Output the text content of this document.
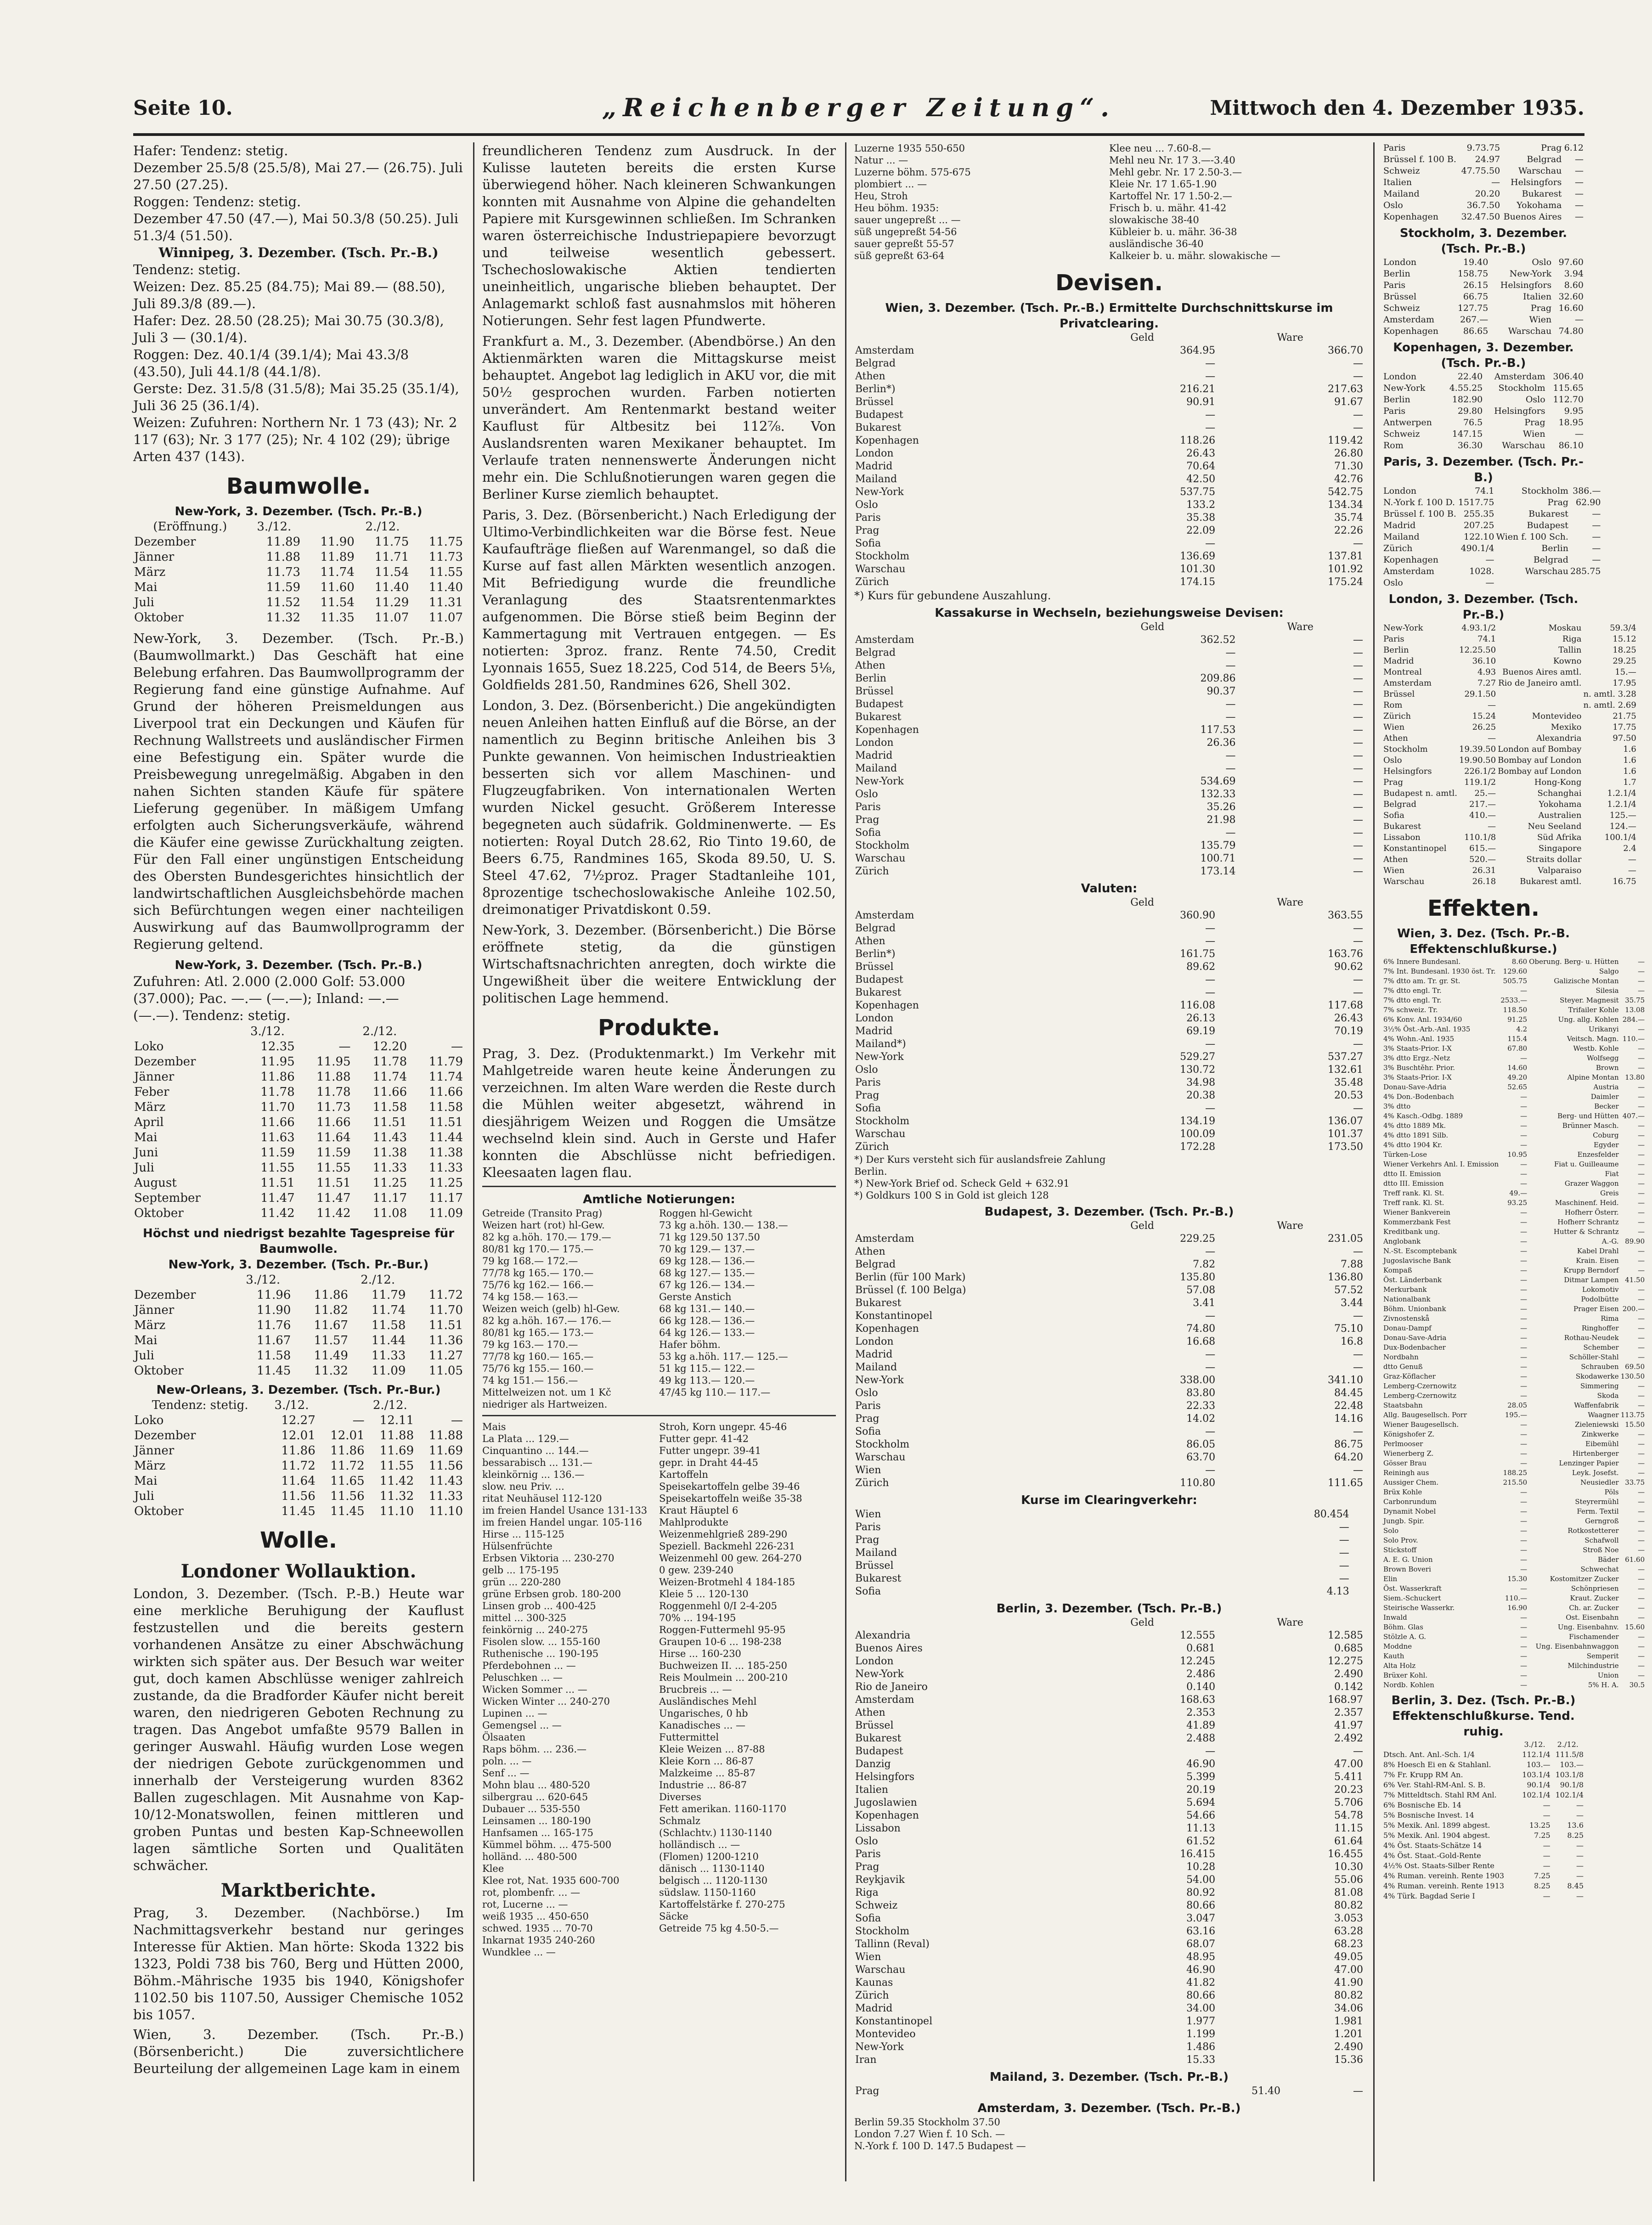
Seite 10.	„Reichenberger Zeitung“.	Mittwoch den 4. Dezember 1935.

Hafer: Tendenz: stetig.

Dezember 25.5/8 (25.5/8), Mai 27.— (26.75). Juli 27.50 (27.25).

Roggen: Tendenz: stetig.

Dezember 47.50 (47.—), Mai 50.3/8 (50.25). Juli 51.3/4 (51.50).

Winnipeg, 3. Dezember. (Tsch. Pr.-B.)

Tendenz: stetig.

Weizen: Dez. 85.25 (84.75); Mai 89.— (88.50), Juli 89.3/8 (89.—).

Hafer: Dez. 28.50 (28.25); Mai 30.75 (30.3/8), Juli 3 — (30.1/4).

Roggen: Dez. 40.1/4 (39.1/4); Mai 43.3/8 (43.50), Juli 44.1/8 (44.1/8).

Gerste: Dez. 31.5/8 (31.5/8); Mai 35.25 (35.1/4), Juli 36 25 (36.1/4).

Weizen: Zufuhren: Northern Nr. 1 73 (43); Nr. 2 117 (63); Nr. 3 177 (25); Nr. 4 102 (29); übrige Arten 437 (143).

Baumwolle.

New-York, 3. Dezember. (Tsch. Pr.-B.)

(Eröffnung.)	3./12.		2./12.	
Dezember	11.89	11.90	11.75	11.75
Jänner	11.88	11.89	11.71	11.73
März	11.73	11.74	11.54	11.55
Mai	11.59	11.60	11.40	11.40
Juli	11.52	11.54	11.29	11.31
Oktober	11.32	11.35	11.07	11.07

New-York, 3. Dezember. (Tsch. Pr.-B.) (Baumwollmarkt.) Das Geschäft hat eine Belebung erfahren. Das Baumwollprogramm der Regierung fand eine günstige Aufnahme. Auf Grund der höheren Preismeldungen aus Liverpool trat ein Deckungen und Käufen für Rechnung Wallstreets und ausländischer Firmen eine Befestigung ein. Später wurde die Preisbewegung unregelmäßig. Abgaben in den nahen Sichten standen Käufe für spätere Lieferung gegenüber. In mäßigem Umfang erfolgten auch Sicherungsverkäufe, während die Käufer eine gewisse Zurückhaltung zeigten. Für den Fall einer ungünstigen Entscheidung des Obersten Bundesgerichtes hinsichtlich der landwirtschaftlichen Ausgleichsbehörde machen sich Befürchtungen wegen einer nachteiligen Auswirkung auf das Baumwollprogramm der Regierung geltend.

New-York, 3. Dezember. (Tsch. Pr.-B.)

Zufuhren: Atl. 2.000 (2.000 Golf: 53.000

(37.000); Pac. —.— (—.—); Inland: —.—

(—.—). Tendenz: stetig.

	3./12.		2./12.	
Loko	12.35	—	12.20	—
Dezember	11.95	11.95	11.78	11.79
Jänner	11.86	11.88	11.74	11.74
Feber	11.78	11.78	11.66	11.66
März	11.70	11.73	11.58	11.58
April	11.66	11.66	11.51	11.51
Mai	11.63	11.64	11.43	11.44
Juni	11.59	11.59	11.38	11.38
Juli	11.55	11.55	11.33	11.33
August	11.51	11.51	11.25	11.25
September	11.47	11.47	11.17	11.17
Oktober	11.42	11.42	11.08	11.09

Höchst und niedrigst bezahlte Tagespreise für Baumwolle.

New-York, 3. Dezember. (Tsch. Pr.-Bur.)

	3./12.		2./12.	
Dezember	11.96	11.86	11.79	11.72
Jänner	11.90	11.82	11.74	11.70
März	11.76	11.67	11.58	11.51
Mai	11.67	11.57	11.44	11.36
Juli	11.58	11.49	11.33	11.27
Oktober	11.45	11.32	11.09	11.05

New-Orleans, 3. Dezember. (Tsch. Pr.-Bur.)

Tendenz: stetig.	3./12.		2./12.	
Loko	12.27	—	12.11	—
Dezember	12.01	12.01	11.88	11.88
Jänner	11.86	11.86	11.69	11.69
März	11.72	11.72	11.55	11.56
Mai	11.64	11.65	11.42	11.43
Juli	11.56	11.56	11.32	11.33
Oktober	11.45	11.45	11.10	11.10
Wolle.
Londoner Wollauktion.

London, 3. Dezember. (Tsch. P.-B.) Heute war eine merkliche Beruhigung der Kauflust festzustellen und die bereits gestern vorhandenen Ansätze zu einer Abschwächung wirkten sich später aus. Der Besuch war weiter gut, doch kamen Abschlüsse weniger zahlreich zustande, da die Bradforder Käufer nicht bereit waren, den niedrigeren Geboten Rechnung zu tragen. Das Angebot umfaßte 9579 Ballen in geringer Auswahl. Häufig wurden Lose wegen der niedrigen Gebote zurückgenommen und innerhalb der Versteigerung wurden 8362 Ballen zugeschlagen. Mit Ausnahme von Kap-10/12-Monatswollen, feinen mittleren und groben Puntas und besten Kap-Schneewollen lagen sämtliche Sorten und Qualitäten schwächer.

Marktberichte.

Prag, 3. Dezember. (Nachbörse.) Im Nachmittagsverkehr bestand nur geringes Interesse für Aktien. Man hörte: Skoda 1322 bis 1323, Poldi 738 bis 760, Berg und Hütten 2000, Böhm.-Mährische 1935 bis 1940, Königshofer 1102.50 bis 1107.50, Aussiger Chemische 1052 bis 1057.

Wien, 3. Dezember. (Tsch. Pr.-B.) (Börsenbericht.) Die zuversichtlichere Beurteilung der allgemeinen Lage kam in einem

freundlicheren Tendenz zum Ausdruck. In der Kulisse lauteten bereits die ersten Kurse überwiegend höher. Nach kleineren Schwankungen konnten mit Ausnahme von Alpine die gehandelten Papiere mit Kursgewinnen schließen. Im Schranken waren österreichische Industriepapiere bevorzugt und teilweise wesentlich gebessert. Tschechoslowakische Aktien tendierten uneinheitlich, ungarische blieben behauptet. Der Anlagemarkt schloß fast ausnahmslos mit höheren Notierungen. Sehr fest lagen Pfundwerte.

Frankfurt a. M., 3. Dezember. (Abendbörse.) An den Aktienmärkten waren die Mittagskurse meist behauptet. Angebot lag lediglich in AKU vor, die mit 50½ gesprochen wurden. Farben notierten unverändert. Am Rentenmarkt bestand weiter Kauflust für Altbesitz bei 112⅞. Von Auslandsrenten waren Mexikaner behauptet. Im Verlaufe traten nennenswerte Änderungen nicht mehr ein. Die Schlußnotierungen waren gegen die Berliner Kurse ziemlich behauptet.

Paris, 3. Dez. (Börsenbericht.) Nach Erledigung der Ultimo-Verbindlichkeiten war die Börse fest. Neue Kaufaufträge fließen auf Warenmangel, so daß die Kurse auf fast allen Märkten wesentlich anzogen. Mit Befriedigung wurde die freundliche Veranlagung des Staatsrentenmarktes aufgenommen. Die Börse stieß beim Beginn der Kammertagung mit Vertrauen entgegen. — Es notierten: 3proz. franz. Rente 74.50, Credit Lyonnais 1655, Suez 18.225, Cod 514, de Beers 5⅛, Goldfields 281.50, Randmines 626, Shell 302.

London, 3. Dez. (Börsenbericht.) Die angekündigten neuen Anleihen hatten Einfluß auf die Börse, an der namentlich zu Beginn britische Anleihen bis 3 Punkte gewannen. Von heimischen Industrieaktien besserten sich vor allem Maschinen- und Flugzeugfabriken. Von internationalen Werten wurden Nickel gesucht. Größerem Interesse begegneten auch südafrik. Goldminenwerte. — Es notierten: Royal Dutch 28.62, Rio Tinto 19.60, de Beers 6.75, Randmines 165, Skoda 89.50, U. S. Steel 47.62, 7½proz. Prager Stadtanleihe 101, 8prozentige tschechoslowakische Anleihe 102.50, dreimonatiger Privatdiskont 0.59.

New-York, 3. Dezember. (Börsenbericht.) Die Börse eröffnete stetig, da die günstigen Wirtschaftsnachrichten anregten, doch wirkte die Ungewißheit über die weitere Entwicklung der politischen Lage hemmend.

Produkte.

Prag, 3. Dez. (Produktenmarkt.) Im Verkehr mit Mahlgetreide waren heute keine Änderungen zu verzeichnen. Im alten Ware werden die Reste durch die Mühlen weiter abgesetzt, während in diesjährigem Weizen und Roggen die Umsätze wechselnd klein sind. Auch in Gerste und Hafer konnten die Abschlüsse nicht befriedigen. Kleesaaten lagen flau.

Amtliche Notierungen:

Getreide (Transito Prag)

Weizen hart (rot) hl-Gew.

82 kg a.höh. 170.— 179.—

80/81 kg 170.— 175.—

79 kg 168.— 172.—

77/78 kg 165.— 170.—

75/76 kg 162.— 166.—

74 kg 158.— 163.—

Weizen weich (gelb) hl-Gew.

82 kg a.höh. 167.— 176.—

80/81 kg 165.— 173.—

79 kg 163.— 170.—

77/78 kg 160.— 165.—

75/76 kg 155.— 160.—

74 kg 151.— 156.—

Mittelweizen not. um 1 Kč niedriger als Hartweizen.

Roggen hl-Gewicht

73 kg a.höh. 130.— 138.—

71 kg 129.50 137.50

70 kg 129.— 137.—

69 kg 128.— 136.—

68 kg 127.— 135.—

67 kg 126.— 134.—

Gerste Anstich

68 kg 131.— 140.—

66 kg 128.— 136.—

64 kg 126.— 133.—

Hafer böhm.

53 kg a.höh. 117.— 125.—

51 kg 115.— 122.—

49 kg 113.— 120.—

47/45 kg 110.— 117.—

Mais

La Plata ... 129.—

Cinquantino ... 144.—

bessarabisch ... 131.—

kleinkörnig ... 136.—

slow. neu Priv. ...

ritat Neuhäusel 112-120

im freien Handel Usance 131-133

im freien Handel ungar. 105-116

Hirse ... 115-125

Hülsenfrüchte

Erbsen Viktoria ... 230-270

gelb ... 175-195

grün ... 220-280

grüne Erbsen grob. 180-200

Linsen grob ... 400-425

mittel ... 300-325

feinkörnig ... 240-275

Fisolen slow. ... 155-160

Ruthenische ... 190-195

Pferdebohnen ... —

Peluschken ... —

Wicken Sommer ... —

Wicken Winter ... 240-270

Lupinen ... —

Gemengsel ... —

Ölsaaten

Raps böhm. ... 236.—

poln. ... —

Senf ... —

Mohn blau ... 480-520

silbergrau ... 620-645

Dubauer ... 535-550

Leinsamen ... 180-190

Hanfsamen ... 165-175

Kümmel böhm. ... 475-500

holländ. ... 480-500

Klee

Klee rot, Nat. 1935 600-700

rot, plombenfr. ... —

rot, Lucerne ... —

weiß 1935 ... 450-650

schwed. 1935 ... 70-70

Inkarnat 1935 240-260

Wundklee ... —

Stroh, Korn ungepr. 45-46

Futter gepr. 41-42

Futter ungepr. 39-41

gepr. in Draht 44-45

Kartoffeln

Speisekartoffeln gelbe 39-46

Speisekartoffeln weiße 35-38

Kraut Häuptel 6

Mahlprodukte

Weizenmehlgrieß 289-290

Speziell. Backmehl 226-231

Weizenmehl 00 gew. 264-270

0 gew. 239-240

Weizen-Brotmehl 4 184-185

Kleie 5 ... 120-130

Roggenmehl 0/I 2-4-205

70% ... 194-195

Roggen-Futtermehl 95-95

Graupen 10-6 ... 198-238

Hirse ... 160-230

Buchweizen II. ... 185-250

Reis Moulmein ... 200-210

Brucbreis ... —

Ausländisches Mehl

Ungarisches, 0 hb

Kanadisches ... —

Futtermittel

Kleie Weizen ... 87-88

Kleie Korn ... 86-87

Malzkeime ... 85-87

Industrie ... 86-87

Diverses

Fett amerikan. 1160-1170

Schmalz

(Schlachtv.) 1130-1140

holländisch ... —

(Flomen) 1200-1210

dänisch ... 1130-1140

belgisch ... 1120-1130

südslaw. 1150-1160

Kartoffelstärke f. 270-275

Säcke

Getreide 75 kg 4.50-5.—

Luzerne 1935 550-650

Natur ... —

Luzerne böhm. 575-675

plombiert ... —

Heu, Stroh

Heu böhm. 1935:

sauer ungepreßt ... —

süß ungepreßt 54-56

sauer gepreßt 55-57

süß gepreßt 63-64

Klee neu ... 7.60-8.—

Mehl neu Nr. 17 3.—-3.40

Mehl gebr. Nr. 17 2.50-3.—

Kleie Nr. 17 1.65-1.90

Kartoffel Nr. 17 1.50-2.—

Frisch b. u. mähr. 41-42

slowakische 38-40

Kübleier b. u. mähr. 36-38

ausländische 36-40

Kalkeier b. u. mähr. slowakische —

Devisen.

Wien, 3. Dezember. (Tsch. Pr.-B.) Ermittelte Durchschnittskurse im Privatclearing.

	Geld	Ware
Amsterdam	364.95	366.70
Belgrad	—	—
Athen	—	—
Berlin*)	216.21	217.63
Brüssel	90.91	91.67
Budapest	—	—
Bukarest	—	—
Kopenhagen	118.26	119.42
London	26.43	26.80
Madrid	70.64	71.30
Mailand	42.50	42.76
New-York	537.75	542.75
Oslo	133.2	134.34
Paris	35.38	35.74
Prag	22.09	22.26
Sofia	—	—
Stockholm	136.69	137.81
Warschau	101.30	101.92
Zürich	174.15	175.24

*) Kurs für gebundene Auszahlung.

Kassakurse in Wechseln, beziehungsweise Devisen:

	Geld	Ware
Amsterdam	362.52	—
Belgrad	—	—
Athen	—	—
Berlin	209.86	—
Brüssel	90.37	—
Budapest	—	—
Bukarest	—	—
Kopenhagen	117.53	—
London	26.36	—
Madrid	—	—
Mailand	—	—
New-York	534.69	—
Oslo	132.33	—
Paris	35.26	—
Prag	21.98	—
Sofia	—	—
Stockholm	135.79	—
Warschau	100.71	—
Zürich	173.14	—

Valuten:

	Geld	Ware
Amsterdam	360.90	363.55
Belgrad	—	—
Athen	—	—
Berlin*)	161.75	163.76
Brüssel	89.62	90.62
Budapest	—	—
Bukarest	—	—
Kopenhagen	116.08	117.68
London	26.13	26.43
Madrid	69.19	70.19
Mailand*)	—	—
New-York	529.27	537.27
Oslo	130.72	132.61
Paris	34.98	35.48
Prag	20.38	20.53
Sofia	—	—
Stockholm	134.19	136.07
Warschau	100.09	101.37
Zürich	172.28	173.50

*) Der Kurs versteht sich für auslandsfreie Zahlung

Berlin.

*) New-York Brief od. Scheck Geld + 632.91

*) Goldkurs 100 S in Gold ist gleich 128

Budapest, 3. Dezember. (Tsch. Pr.-B.)

	Geld	Ware
Amsterdam	229.25	231.05
Athen	—	—
Belgrad	7.82	7.88
Berlin (für 100 Mark)	135.80	136.80
Brüssel (f. 100 Belga)	57.08	57.52
Bukarest	3.41	3.44
Konstantinopel	—	—
Kopenhagen	74.80	75.10
London	16.68	16.8
Madrid	—	—
Mailand	—	—
New-York	338.00	341.10
Oslo	83.80	84.45
Paris	22.33	22.48
Prag	14.02	14.16
Sofia	—	—
Stockholm	86.05	86.75
Warschau	63.70	64.20
Wien	—	—
Zürich	110.80	111.65

Kurse im Clearingverkehr:

Wien	80.454	
Paris	—	
Prag	—	
Mailand	—	
Brüssel	—	
Bukarest	—	
Sofia	4.13	

Berlin, 3. Dezember. (Tsch. Pr.-B.)

	Geld	Ware
Alexandria	12.555	12.585
Buenos Aires	0.681	0.685
London	12.245	12.275
New-York	2.486	2.490
Rio de Janeiro	0.140	0.142
Amsterdam	168.63	168.97
Athen	2.353	2.357
Brüssel	41.89	41.97
Bukarest	2.488	2.492
Budapest	—	—
Danzig	46.90	47.00
Helsingfors	5.399	5.411
Italien	20.19	20.23
Jugoslawien	5.694	5.706
Kopenhagen	54.66	54.78
Lissabon	11.13	11.15
Oslo	61.52	61.64
Paris	16.415	16.455
Prag	10.28	10.30
Reykjavik	54.00	55.06
Riga	80.92	81.08
Schweiz	80.66	80.82
Sofia	3.047	3.053
Stockholm	63.16	63.28
Tallinn (Reval)	68.07	68.23
Wien	48.95	49.05
Warschau	46.90	47.00
Kaunas	41.82	41.90
Zürich	80.66	80.82
Madrid	34.00	34.06
Konstantinopel	1.977	1.981
Montevideo	1.199	1.201
New-York	1.486	2.490
Iran	15.33	15.36

Mailand, 3. Dezember. (Tsch. Pr.-B.)

Prag	51.40	—

Amsterdam, 3. Dezember. (Tsch. Pr.-B.)

Berlin 59.35 Stockholm 37.50

London 7.27 Wien f. 10 Sch. —

N.-York f. 100 D. 147.5 Budapest —

Paris	9.73.75	Prag	6.12
Brüssel f. 100 B.	24.97	Belgrad	—
Schweiz	47.75.50	Warschau	—
Italien	—	Helsingfors	—
Mailand	20.20	Bukarest	—
Oslo	36.7.50	Yokohama	—
Kopenhagen	32.47.50	Buenos Aires	—

Stockholm, 3. Dezember. (Tsch. Pr.-B.)

London	19.40	Oslo	97.60
Berlin	158.75	New-York	3.94
Paris	26.15	Helsingfors	8.60
Brüssel	66.75	Italien	32.60
Schweiz	127.75	Prag	16.60
Amsterdam	267.—	Wien	—
Kopenhagen	86.65	Warschau	74.80

Kopenhagen, 3. Dezember. (Tsch. Pr.-B.)

London	22.40	Amsterdam	306.40
New-York	4.55.25	Stockholm	115.65
Berlin	182.90	Oslo	112.70
Paris	29.80	Helsingfors	9.95
Antwerpen	76.5	Prag	18.95
Schweiz	147.15	Wien	—
Rom	36.30	Warschau	86.10

Paris, 3. Dezember. (Tsch. Pr.-B.)

London	74.1	Stockholm	386.—
N.-York f. 100 D.	1517.75	Prag	62.90
Brüssel f. 100 B.	255.35	Bukarest	—
Madrid	207.25	Budapest	—
Mailand	122.10	Wien f. 100 Sch.	—
Zürich	490.1/4	Berlin	—
Kopenhagen	—	Belgrad	—
Amsterdam	1028.	Warschau	285.75
Oslo	—		

London, 3. Dezember. (Tsch. Pr.-B.)

New-York	4.93.1/2	Moskau	59.3/4
Paris	74.1	Riga	15.12
Berlin	12.25.50	Tallin	18.25
Madrid	36.10	Kowno	29.25
Montreal	4.93	Buenos Aires amtl.	15.—
Amsterdam	7.27	Rio de Janeiro amtl.	17.95
Brüssel	29.1.50		n. amtl. 3.28
Rom	—		n. amtl. 2.69
Zürich	15.24	Montevideo	21.75
Wien	26.25	Mexiko	17.75
Athen	—	Alexandria	97.50
Stockholm	19.39.50	London auf Bombay	1.6
Oslo	19.90.50	Bombay auf London	1.6
Helsingfors	226.1/2	Bombay auf London	1.6
Prag	119.1/2	Hong-Kong	1.7
Budapest n. amtl.	25.—	Schanghai	1.2.1/4
Belgrad	217.—	Yokohama	1.2.1/4
Sofia	410.—	Australien	125.—
Bukarest	—	Neu Seeland	124.—
Lissabon	110.1/8	Süd Afrika	100.1/4
Konstantinopel	615.—	Singapore	2.4
Athen	520.—	Straits dollar	—
Wien	26.31	Valparaiso	—
Warschau	26.18	Bukarest amtl.	16.75
Effekten.

Wien, 3. Dez. (Tsch. Pr.-B. Effektenschlußkurse.)

6% Innere Bundesanl.	8.60	Oberung. Berg- u. Hütten	—
7% Int. Bundesanl. 1930 öst. Tr.	129.60	Salgo	—
7% dtto am. Tr. gr. St.	505.75	Galizische Montan	—
7% dtto engl. Tr.	—	Silesia	—
7% dtto engl. Tr.	2533.—	Steyer. Magnesit	35.75
7% schweiz. Tr.	118.50	Trifailer Kohle	13.08
6% Konv. Anl. 1934/60	91.25	Ung. allg. Kohlen	284.—
3½% Öst.-Arb.-Anl. 1935	4.2	Urikanyi	—
4% Wohn.-Anl. 1935	115.4	Veitsch. Magn.	110.—
3% Staats-Prior. I-X	67.80	Westb. Kohle	—
3% dtto Ergz.-Netz	—	Wolfsegg	—
3% Buschtěhr. Prior.	14.60	Brown	—
3% Staats-Prior. I-X	49.20	Alpine Montan	13.80
Donau-Save-Adria	52.65	Austria	—
4% Don.-Bodenbach	—	Daimler	—
3% dtto	—	Becker	—
4% Kasch.-Odbg. 1889	—	Berg- und Hütten	407.—
4% dtto 1889 Mk.	—	Brünner Masch.	—
4% dtto 1891 Silb.	—	Coburg	—
4% dtto 1904 Kr.	—	Egyder	—
Türken-Lose	10.95	Enzesfelder	—
Wiener Verkehrs Anl. I. Emission	—	Fiat u. Guilleaume	—
dtto II. Emission	—	Fiat	—
dtto III. Emission	—	Grazer Waggon	—
Treff rank. Kl. St.	49.—	Greis	—
Treff rank. Kl. St.	93.25	Maschinenf. Heid.	—
Wiener Bankverein	—	Hofherr Österr.	—
Kommerzbank Fest	—	Hofherr Schrantz	—
Kreditbank ung.	—	Hutter & Schrantz	—
Anglobank	—	A.-G.	89.90
N.-St. Escomptebank	—	Kabel Drahl	—
Jugoslavische Bank	—	Krain. Eisen	—
Kompaß	—	Krupp Berndorf	—
Öst. Länderbank	—	Ditmar Lampen	41.50
Merkurbank	—	Lokomotiv	—
Nationalbank	—	Podolbütte	—
Böhm. Unionbank	—	Prager Eisen	200.—
Zivnostenskå	—	Rima	—
Donau-Dampf	—	Ringhoffer	—
Donau-Save-Adria	—	Rothau-Neudek	—
Dux-Bodenbacher	—	Schember	—
Nordbahn	—	Schöller-Stahl	—
dtto Genuß	—	Schrauben	69.50
Graz-Köflacher	—	Skodawerke	130.50
Lemberg-Czernowitz	—	Simmering	—
Lemberg-Czernowitz	—	Skoda	—
Staatsbahn	28.05	Waffenfabrik	—
Allg. Baugesellsch. Porr	195.—	Waagner	113.75
Wiener Baugesellsch.	—	Zieleniewski	15.50
Königshofer Z.	—	Zinkwerke	—
Perlmooser	—	Eibemühl	—
Wienerberg Z.	—	Hirtenberger	—
Gösser Brau	—	Lenzinger Papier	—
Reiningh aus	188.25	Leyk. Josefst.	—
Aussiger Chem.	215.50	Neusiedler	33.75
Brüx Kohle	—	Pöls	—
Carbonrundum	—	Steyrermühl	—
Dynamit Nobel	—	Ferm. Textil	—
Jungb. Spir.	—	Gerngroß	—
Solo	—	Rotkostetterer	—
Solo Prov.	—	Schafwoll	—
Stickstoff	—	Stroß Noe	—
A. E. G. Union	—	Bäder	61.60
Brown Boveri	—	Schwechat	—
Elin	15.30	Kostomitzer Zucker	—
Öst. Wasserkraft	—	Schönpriesen	—
Siem.-Schuckert	110.—	Kraut. Zucker	—
Steirische Wasserkr.	16.90	Ch. ar. Zucker	—
Inwald	—	Ost. Eisenbahn	—
Böhm. Glas	—	Ung. Eisenbahnv.	15.60
Stölzle A. G.	—	Fischamender	—
Moddne	—	Ung. Eisenbahnwaggon	—
Kauth	—	Semperit	—
Alta Holz	—	Milchindustrie	—
Brüxer Kohl.	—	Union	—
Nordb. Kohlen	—	5% H. A.	30.5

Berlin, 3. Dez. (Tsch. Pr.-B.) Effektenschlußkurse. Tend. ruhig.

	3./12.	2./12.
Dtsch. Ant. Anl.-Sch. 1/4	112.1/4	111.5/8
8% Hoesch Ei en & Stahlanl.	103.—	103.—
7% Fr. Krupp RM An.	103.1/4	103.1/8
6% Ver. Stahl-RM-Anl. S. B.	90.1/4	90.1/8
7% Mitteldtsch. Stahl RM Anl.	102.1/4	102.1/4
6% Bosnische Eb. 14	—	—
5% Bosnische Invest. 14	—	—
5% Mexik. Anl. 1899 abgest.	13.25	13.6
5% Mexik. Anl. 1904 abgest.	7.25	8.25
4% Öst. Staats-Schätze 14	—	—
4% Öst. Staat.-Gold-Rente	—	—
4½% Ost. Staats-Silber Rente	—	—
4% Ruman. vereinh. Rente 1903	7.25	—
4% Ruman. vereinh. Rente 1913	8.25	8.45
4% Türk. Bagdad Serie I	—	—
